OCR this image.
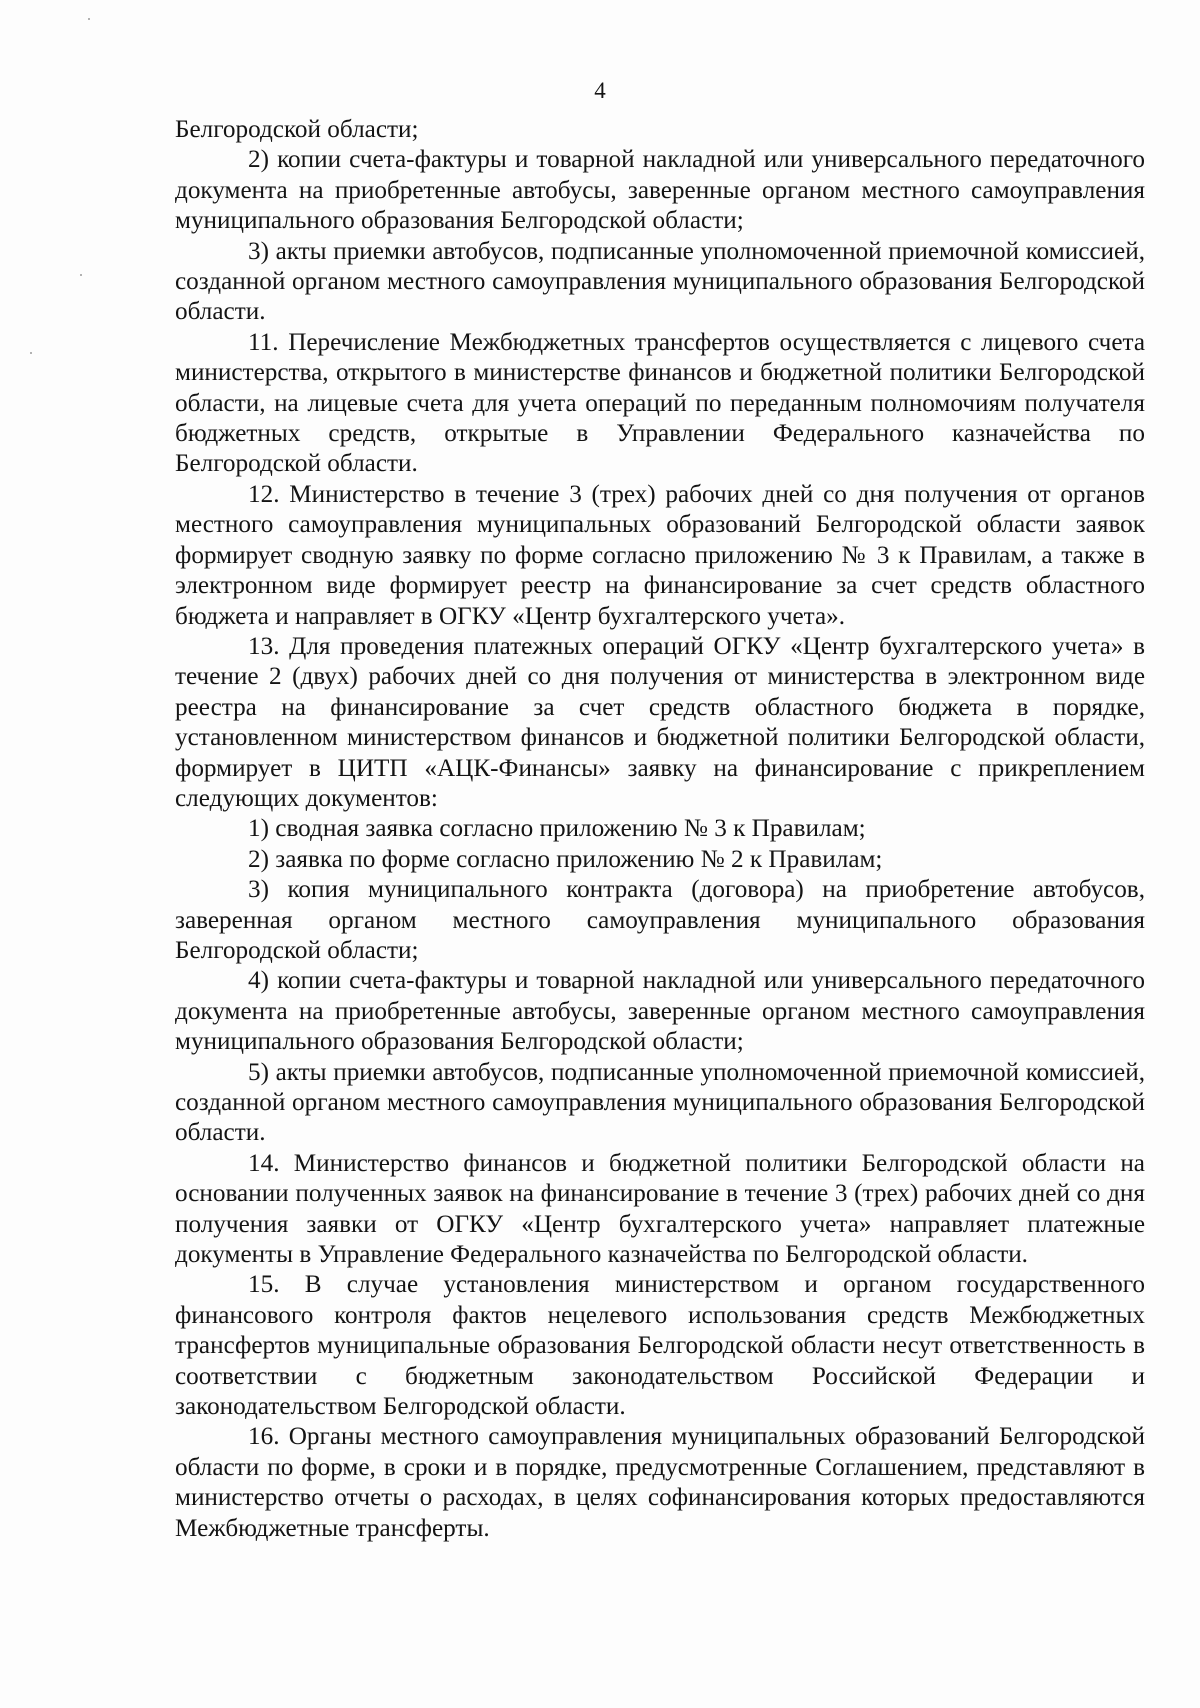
4

Белгородской области;

2) копии счета-фактуры и товарной накладной или универсального передаточного документа на приобретенные автобусы, заверенные органом местного самоуправления муниципального образования Белгородской области;

3) акты приемки автобусов, подписанные уполномоченной приемочной комиссией, созданной органом местного самоуправления муниципального образования Белгородской области.

11. Перечисление Межбюджетных трансфертов осуществляется с лицевого счета министерства, открытого в министерстве финансов и бюджетной политики Белгородской области, на лицевые счета для учета операций по переданным полномочиям получателя бюджетных средств, открытые в Управлении Федерального казначейства по Белгородской области.

12. Министерство в течение 3 (трех) рабочих дней со дня получения от органов местного самоуправления муниципальных образований Белгородской области заявок формирует сводную заявку по форме согласно приложению № 3 к Правилам, а также в электронном виде формирует реестр на финансирование за счет средств областного бюджета и направляет в ОГКУ «Центр бухгалтерского учета».

13. Для проведения платежных операций ОГКУ «Центр бухгалтерского учета» в течение 2 (двух) рабочих дней со дня получения от министерства в электронном виде реестра на финансирование за счет средств областного бюджета в порядке, установленном министерством финансов и бюджетной политики Белгородской области, формирует в ЦИТП «АЦК-Финансы» заявку на финансирование с прикреплением следующих документов:

1) сводная заявка согласно приложению № 3 к Правилам;

2) заявка по форме согласно приложению № 2 к Правилам;

3) копия муниципального контракта (договора) на приобретение автобусов, заверенная органом местного самоуправления муниципального образования Белгородской области;

4) копии счета-фактуры и товарной накладной или универсального передаточного документа на приобретенные автобусы, заверенные органом местного самоуправления муниципального образования Белгородской области;

5) акты приемки автобусов, подписанные уполномоченной приемочной комиссией, созданной органом местного самоуправления муниципального образования Белгородской области.

14. Министерство финансов и бюджетной политики Белгородской области на основании полученных заявок на финансирование в течение 3 (трех) рабочих дней со дня получения заявки от ОГКУ «Центр бухгалтерского учета» направляет платежные документы в Управление Федерального казначейства по Белгородской области.

15. В случае установления министерством и органом государственного финансового контроля фактов нецелевого использования средств Межбюджетных трансфертов муниципальные образования Белгородской области несут ответственность в соответствии с бюджетным законодательством Российской Федерации и законодательством Белгородской области.

16. Органы местного самоуправления муниципальных образований Белгородской области по форме, в сроки и в порядке, предусмотренные Соглашением, представляют в министерство отчеты о расходах, в целях софинансирования которых предоставляются Межбюджетные трансферты.
